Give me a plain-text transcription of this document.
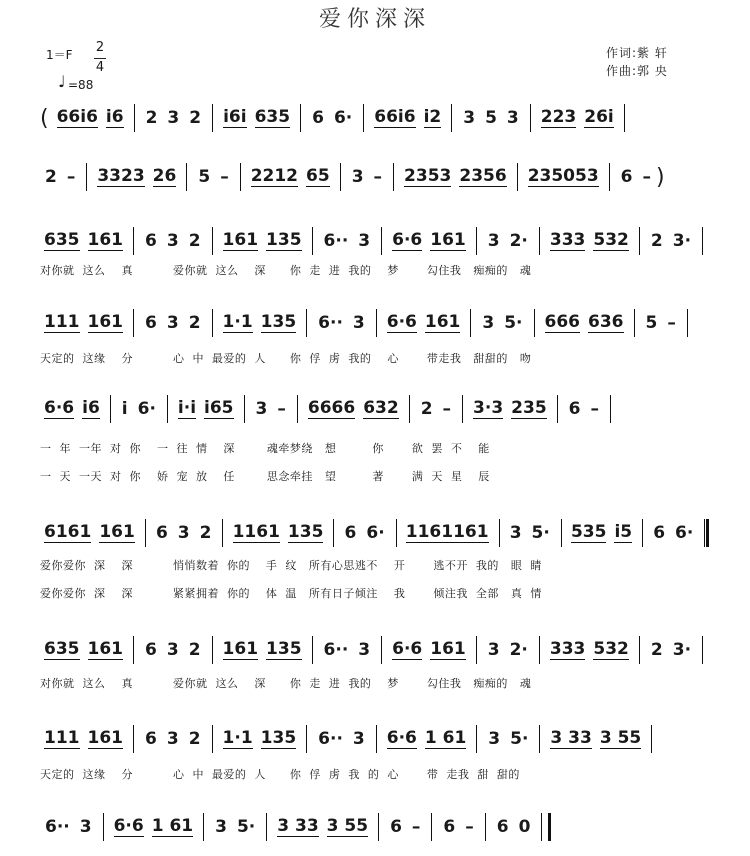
爱你深深
1＝F 2
4
♩ =88
作词:紫 轩
作曲:郭 央
( 66i6 i6 2 3 2 i6i 635 6 6· 66i6 i2 3 5 3 223 26i
2 – 3323 26 5 – 2212 65 3 – 2353 2356 235053 6 – )
635 161 6 3 2 161 135 6·· 3 6·6 161 3 2· 333 532 2 3·
111 161 6 3 2 1·1 135 6·· 3 6·6 161 3 5· 666 636 5 –
6·6 i6 i 6· i·i i65 3 – 6666 632 2 – 3·3 235 6 –
6161 161 6 3 2 1161 135 6 6· 1161161 3 5· 535 i5 6 6·
635 161 6 3 2 161 135 6·· 3 6·6 161 3 2· 333 532 2 3·
111 161 6 3 2 1·1 135 6·· 3 6·6 1 61 3 5· 3 33 3 55
6·· 3 6·6 1 61 3 5· 3 33 3 55 6 – 6 – 6 0
对你就  这么    真          爱你就  这么    深      你  走  进  我的    梦       勾住我   痴痴的   魂
天定的  这缘    分          心  中  最爱的  人      你  俘  虏  我的    心       带走我   甜甜的   吻
一  年  一年  对  你    一  往  情    深        魂牵梦绕   想         你       欲  罢  不    能
一  天  一天  对  你    娇  宠  放    任        思念牵挂   望         著       满  天  星    辰
爱你爱你  深    深          悄悄数着  你的    手  纹   所有心思逃不    开       逃不开  我的   眼  睛
爱你爱你  深    深          紧紧拥着  你的    体  温   所有日子倾注    我       倾注我  全部   真  情
对你就  这么    真          爱你就  这么    深      你  走  进  我的    梦       勾住我   痴痴的   魂
天定的  这缘    分          心  中  最爱的  人      你  俘  虏  我  的  心       带  走我  甜  甜的
